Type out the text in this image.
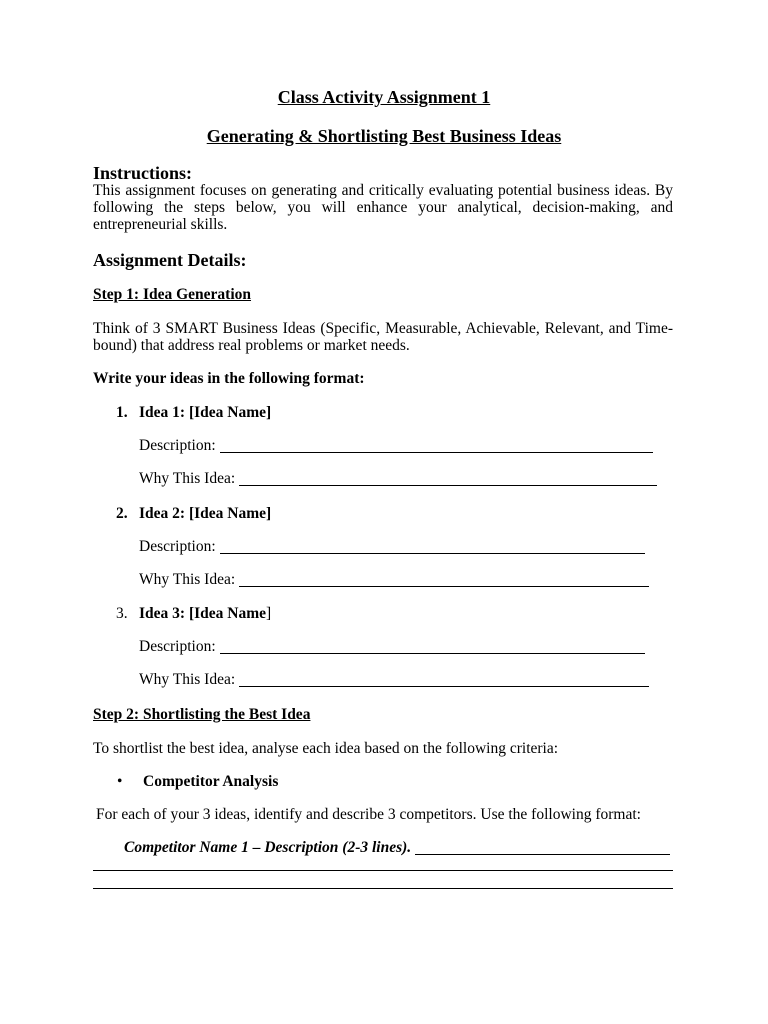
Class Activity Assignment 1
Generating & Shortlisting Best Business Ideas
Instructions:
This assignment focuses on generating and critically evaluating potential business ideas. By following the steps below, you will enhance your analytical, decision-making, and entrepreneurial skills.
Assignment Details:
Step 1: Idea Generation
Think of 3 SMART Business Ideas (Specific, Measurable, Achievable, Relevant, and Time-bound) that address real problems or market needs.
Write your ideas in the following format:
1. Idea 1: [Idea Name]
Description:
Why This Idea:
2. Idea 2: [Idea Name]
Description:
Why This Idea:
3. Idea 3: [Idea Name]
Description:
Why This Idea:
Step 2: Shortlisting the Best Idea
To shortlist the best idea, analyse each idea based on the following criteria:
• Competitor Analysis
For each of your 3 ideas, identify and describe 3 competitors. Use the following format:
Competitor Name 1 – Description (2-3 lines).
